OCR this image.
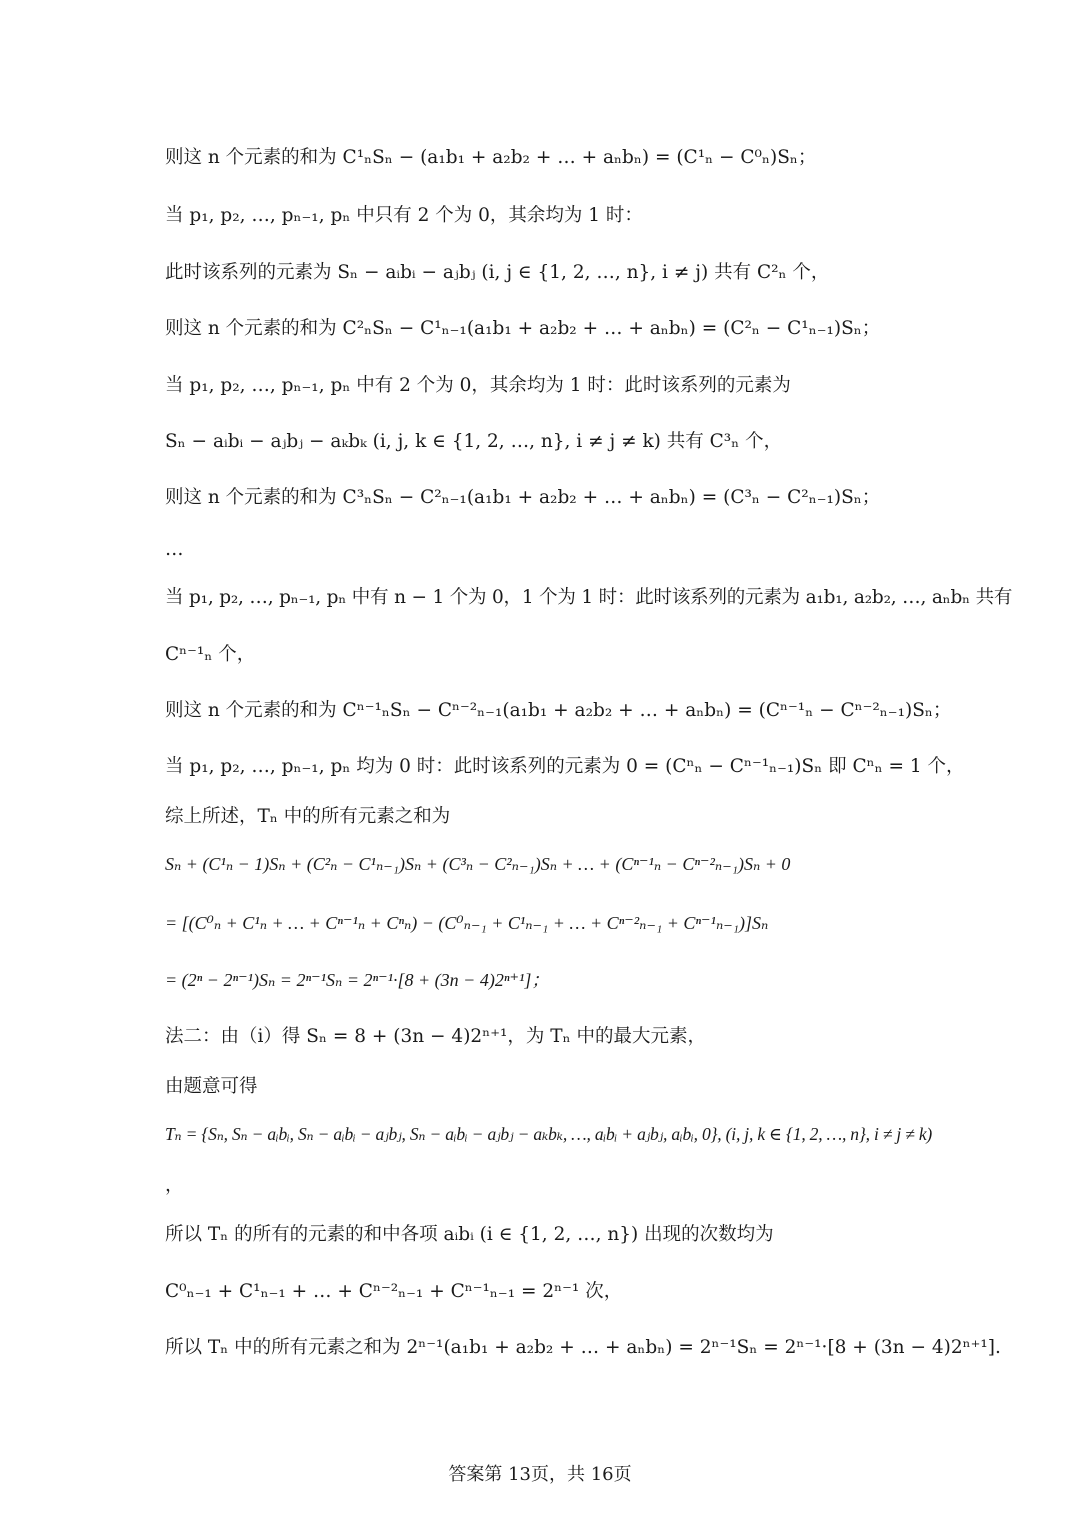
则这 n 个元素的和为 C¹ₙSₙ − (a₁b₁ + a₂b₂ + … + aₙbₙ) = (C¹ₙ − C⁰ₙ)Sₙ；
当 p₁, p₂, …, pₙ₋₁, pₙ 中只有 2 个为 0，其余均为 1 时：
此时该系列的元素为 Sₙ − aᵢbᵢ − aⱼbⱼ (i, j ∈ {1, 2, …, n}, i ≠ j) 共有 C²ₙ 个，
则这 n 个元素的和为 C²ₙSₙ − C¹ₙ₋₁(a₁b₁ + a₂b₂ + … + aₙbₙ) = (C²ₙ − C¹ₙ₋₁)Sₙ；
当 p₁, p₂, …, pₙ₋₁, pₙ 中有 2 个为 0，其余均为 1 时：此时该系列的元素为
Sₙ − aᵢbᵢ − aⱼbⱼ − aₖbₖ (i, j, k ∈ {1, 2, …, n}, i ≠ j ≠ k) 共有 C³ₙ 个，
则这 n 个元素的和为 C³ₙSₙ − C²ₙ₋₁(a₁b₁ + a₂b₂ + … + aₙbₙ) = (C³ₙ − C²ₙ₋₁)Sₙ；
…
当 p₁, p₂, …, pₙ₋₁, pₙ 中有 n − 1 个为 0，1 个为 1 时：此时该系列的元素为 a₁b₁, a₂b₂, …, aₙbₙ 共有
Cⁿ⁻¹ₙ 个，
则这 n 个元素的和为 Cⁿ⁻¹ₙSₙ − Cⁿ⁻²ₙ₋₁(a₁b₁ + a₂b₂ + … + aₙbₙ) = (Cⁿ⁻¹ₙ − Cⁿ⁻²ₙ₋₁)Sₙ；
当 p₁, p₂, …, pₙ₋₁, pₙ 均为 0 时：此时该系列的元素为 0 = (Cⁿₙ − Cⁿ⁻¹ₙ₋₁)Sₙ 即 Cⁿₙ = 1 个，
综上所述，Tₙ 中的所有元素之和为
Sₙ + (C¹ₙ − 1)Sₙ + (C²ₙ − C¹ₙ₋₁)Sₙ + (C³ₙ − C²ₙ₋₁)Sₙ + … + (Cⁿ⁻¹ₙ − Cⁿ⁻²ₙ₋₁)Sₙ + 0
= [(C⁰ₙ + C¹ₙ + … + Cⁿ⁻¹ₙ + Cⁿₙ) − (C⁰ₙ₋₁ + C¹ₙ₋₁ + … + Cⁿ⁻²ₙ₋₁ + Cⁿ⁻¹ₙ₋₁)]Sₙ
= (2ⁿ − 2ⁿ⁻¹)Sₙ = 2ⁿ⁻¹Sₙ = 2ⁿ⁻¹·[8 + (3n − 4)2ⁿ⁺¹]；
法二：由（i）得 Sₙ = 8 + (3n − 4)2ⁿ⁺¹，为 Tₙ 中的最大元素，
由题意可得
Tₙ = {Sₙ, Sₙ − aᵢbᵢ, Sₙ − aᵢbᵢ − aⱼbⱼ, Sₙ − aᵢbᵢ − aⱼbⱼ − aₖbₖ, …, aᵢbᵢ + aⱼbⱼ, aᵢbᵢ, 0}, (i, j, k ∈ {1, 2, …, n}, i ≠ j ≠ k)
，
所以 Tₙ 的所有的元素的和中各项 aᵢbᵢ (i ∈ {1, 2, …, n}) 出现的次数均为
C⁰ₙ₋₁ + C¹ₙ₋₁ + … + Cⁿ⁻²ₙ₋₁ + Cⁿ⁻¹ₙ₋₁ = 2ⁿ⁻¹ 次，
所以 Tₙ 中的所有元素之和为 2ⁿ⁻¹(a₁b₁ + a₂b₂ + … + aₙbₙ) = 2ⁿ⁻¹Sₙ = 2ⁿ⁻¹·[8 + (3n − 4)2ⁿ⁺¹].
答案第 13页，共 16页
